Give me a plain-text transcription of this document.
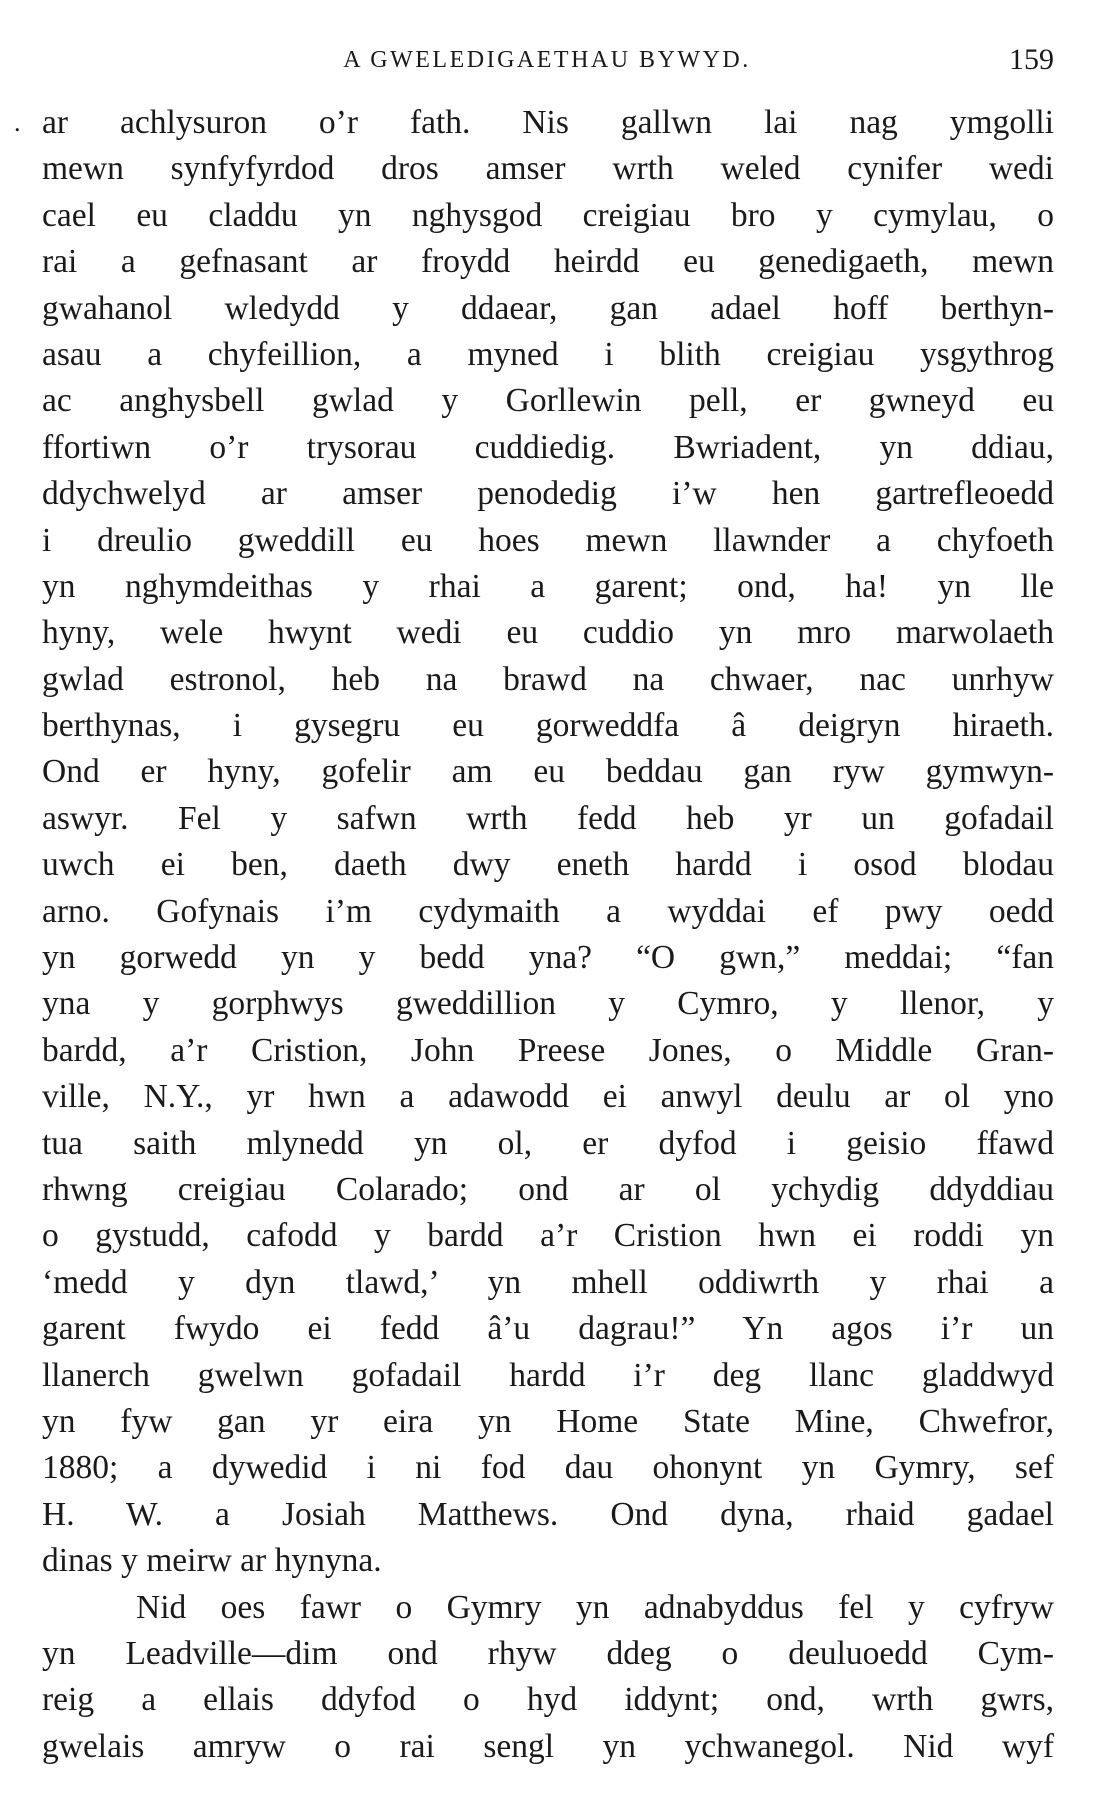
A GWELEDIGAETHAU BYWYD.	159
. ar achlysuron o’r fath. Nis gallwn lai nag ymgolli
mewn synfyfyrdod dros amser wrth weled cynifer wedi
cael eu claddu yn nghysgod creigiau bro y cymylau, o
rai a gefnasant ar froydd heirdd eu genedigaeth, mewn
gwahanol wledydd y ddaear, gan adael hoff berthyn-
asau a chyfeillion, a myned i blith creigiau ysgythrog
ac anghysbell gwlad y Gorllewin pell, er gwneyd eu
ffortiwn o’r trysorau cuddiedig. Bwriadent, yn ddiau,
ddychwelyd ar amser penodedig i’w hen gartrefleoedd
i dreulio gweddill eu hoes mewn llawnder a chyfoeth
yn nghymdeithas y rhai a garent; ond, ha! yn lle
hyny, wele hwynt wedi eu cuddio yn mro marwolaeth
gwlad estronol, heb na brawd na chwaer, nac unrhyw
berthynas, i gysegru eu gorweddfa â deigryn hiraeth.
Ond er hyny, gofelir am eu beddau gan ryw gymwyn-
aswyr. Fel y safwn wrth fedd heb yr un gofadail
uwch ei ben, daeth dwy eneth hardd i osod blodau
arno. Gofynais i’m cydymaith a wyddai ef pwy oedd
yn gorwedd yn y bedd yna? “O gwn,” meddai; “fan
yna y gorphwys gweddillion y Cymro, y llenor, y
bardd, a’r Cristion, John Preese Jones, o Middle Gran-
ville, N.Y., yr hwn a adawodd ei anwyl deulu ar ol yno
tua saith mlynedd yn ol, er dyfod i geisio ffawd
rhwng creigiau Colarado; ond ar ol ychydig ddyddiau
o gystudd, cafodd y bardd a’r Cristion hwn ei roddi yn
‘medd y dyn tlawd,’ yn mhell oddiwrth y rhai a
garent fwydo ei fedd â’u dagrau!” Yn agos i’r un
llanerch gwelwn gofadail hardd i’r deg llanc gladdwyd
yn fyw gan yr eira yn Home State Mine, Chwefror,
1880; a dywedid i ni fod dau ohonynt yn Gymry, sef
H. W. a Josiah Matthews. Ond dyna, rhaid gadael
dinas y meirw ar hynyna.
Nid oes fawr o Gymry yn adnabyddus fel y cyfryw
yn Leadville—dim ond rhyw ddeg o deuluoedd Cym-
reig a ellais ddyfod o hyd iddynt; ond, wrth gwrs,
gwelais amryw o rai sengl yn ychwanegol. Nid wyf
